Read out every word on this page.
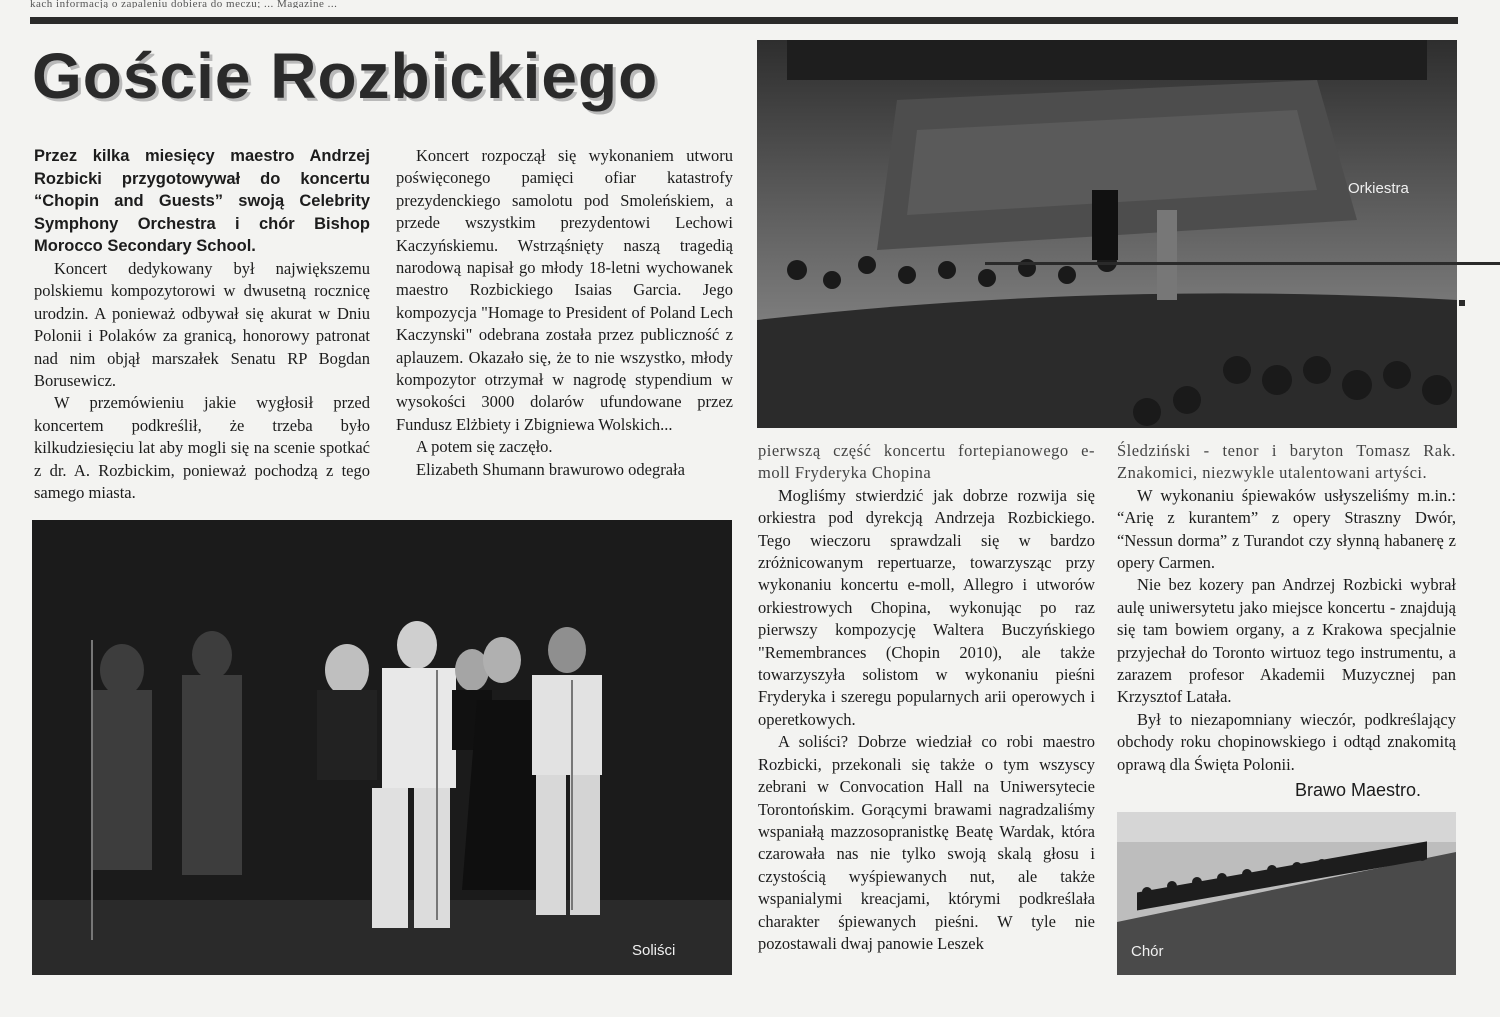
kach informacją o zapaleniu dobiera do meczu; ... Magazine ...
Goście Rozbickiego

Przez kilka miesięcy maestro Andrzej Rozbicki przygotowywał do koncertu “Chopin and Guests” swoją Celebrity Symphony Orchestra i chór Bishop Morocco Secondary School.

Koncert dedykowany był największemu polskiemu kompozytorowi w dwusetną rocznicę urodzin. A ponieważ odbywał się akurat w Dniu Polonii i Polaków za granicą, honorowy patronat nad nim objął marszałek Senatu RP Bogdan Borusewicz.

W przemówieniu jakie wygłosił przed koncertem podkreślił, że trzeba było kilkudziesięciu lat aby mogli się na scenie spotkać z dr. A. Rozbickim, ponieważ pochodzą z tego samego miasta.

Koncert rozpoczął się wykonaniem utworu poświęconego pamięci ofiar katastrofy prezydenckiego samolotu pod Smoleńskiem, a przede wszystkim prezydentowi Lechowi Kaczyńskiemu. Wstrząśnięty naszą tragedią narodową napisał go młody 18-letni wychowanek maestro Rozbickiego Isaias Garcia. Jego kompozycja "Homage to President of Poland Lech Kaczynski" odebrana została przez publiczność z aplauzem. Okazało się, że to nie wszystko, młody kompozytor otrzymał w nagrodę stypendium w wysokości 3000 dolarów ufundowane przez Fundusz Elżbiety i Zbigniewa Wolskich...

A potem się zaczęło.

Elizabeth Shumann brawurowo odegrała

pierwszą część koncertu fortepianowego e-moll Fryderyka Chopina

Mogliśmy stwierdzić jak dobrze rozwija się orkiestra pod dyrekcją Andrzeja Rozbickiego. Tego wieczoru sprawdzali się w bardzo zróżnicowanym repertuarze, towarzysząc przy wykonaniu koncertu e-moll, Allegro i utworów orkiestrowych Chopina, wykonując po raz pierwszy kompozycję Waltera Buczyńskiego "Remembrances (Chopin 2010), ale także towarzyszyła solistom w wykonaniu pieśni Fryderyka i szeregu popularnych arii operowych i operetkowych.

A soliści? Dobrze wiedział co robi maestro Rozbicki, przekonali się także o tym wszyscy zebrani w Convocation Hall na Uniwersytecie Torontońskim. Gorącymi brawami nagradzaliśmy wspaniałą mazzosopranistkę Beatę Wardak, która czarowała nas nie tylko swoją skalą głosu i czystością wyśpiewanych nut, ale także wspanialymi kreacjami, którymi podkreślała charakter śpiewanych pieśni. W tyle nie pozostawali dwaj panowie Leszek

Śledziński - tenor i baryton Tomasz Rak. Znakomici, niezwykle utalentowani artyści.

W wykonaniu śpiewaków usłyszeliśmy m.in.: “Arię z kurantem” z opery Straszny Dwór, “Nessun dorma” z Turandot czy słynną habanerę z opery Carmen.

Nie bez kozery pan Andrzej Rozbicki wybrał aulę uniwersytetu jako miejsce koncertu - znajdują się tam bowiem organy, a z Krakowa specjalnie przyjechał do Toronto wirtuoz tego instrumentu, a zarazem profesor Akademii Muzycznej pan Krzysztof Latała.

Był to niezapomniany wieczór, podkreślający obchody roku chopinowskiego i odtąd znakomitą oprawą dla Święta Polonii.

Brawo Maestro.
Orkiestra
Soliści	Chór
